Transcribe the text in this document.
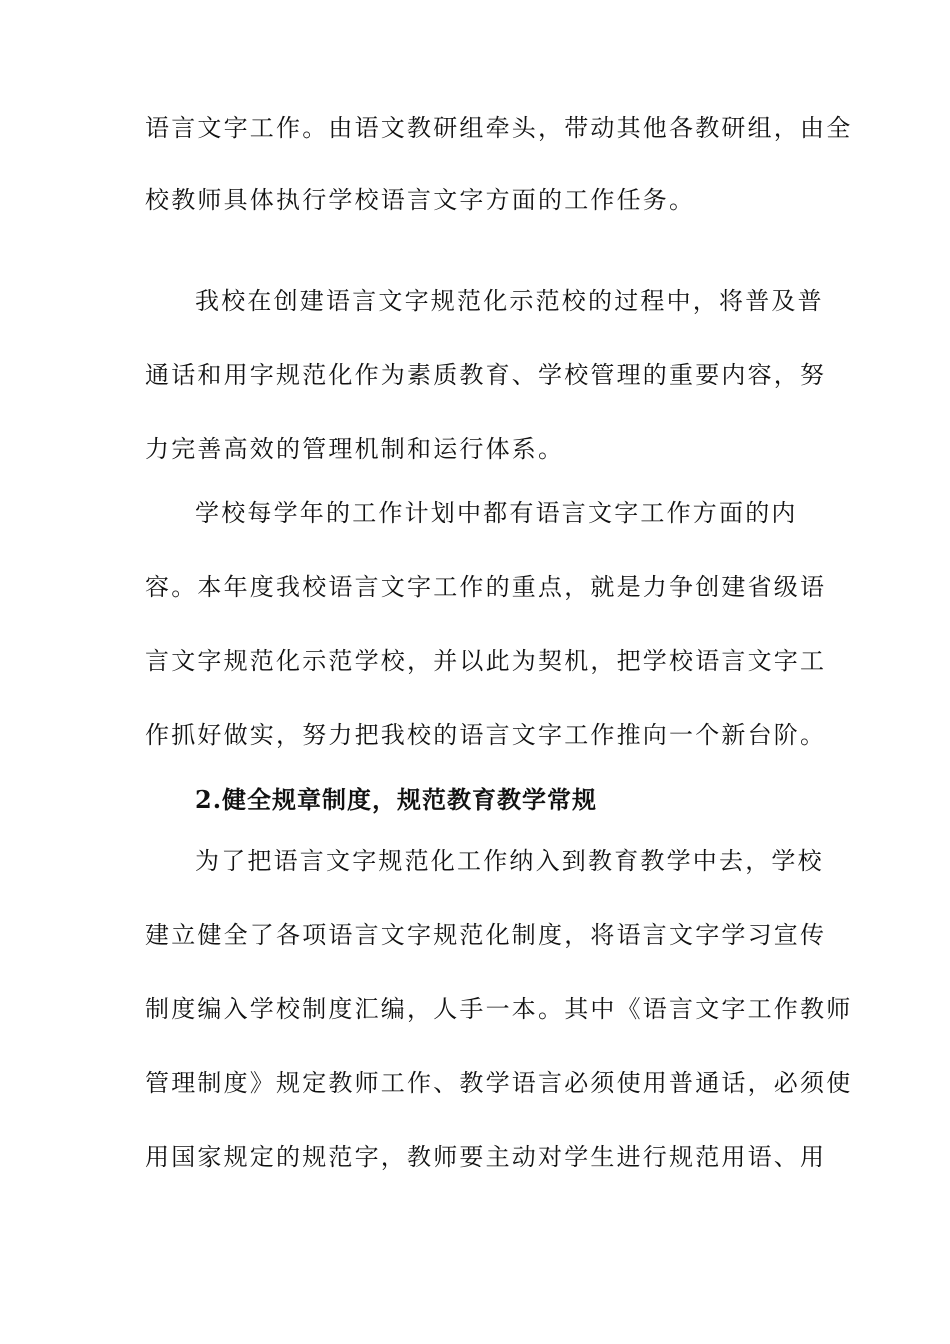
语言文字工作。由语文教研组牵头，带动其他各教研组，由全
校教师具体执行学校语言文字方面的工作任务。
我校在创建语言文字规范化示范校的过程中，将普及普
通话和用字规范化作为素质教育、学校管理的重要内容，努
力完善高效的管理机制和运行体系。
学校每学年的工作计划中都有语言文字工作方面的内
容。本年度我校语言文字工作的重点，就是力争创建省级语
言文字规范化示范学校，并以此为契机，把学校语言文字工
作抓好做实，努力把我校的语言文字工作推向一个新台阶。
2.健全规章制度，规范教育教学常规
为了把语言文字规范化工作纳入到教育教学中去，学校
建立健全了各项语言文字规范化制度，将语言文字学习宣传
制度编入学校制度汇编，人手一本。其中《语言文字工作教师
管理制度》规定教师工作、教学语言必须使用普通话，必须使
用国家规定的规范字，教师要主动对学生进行规范用语、用
